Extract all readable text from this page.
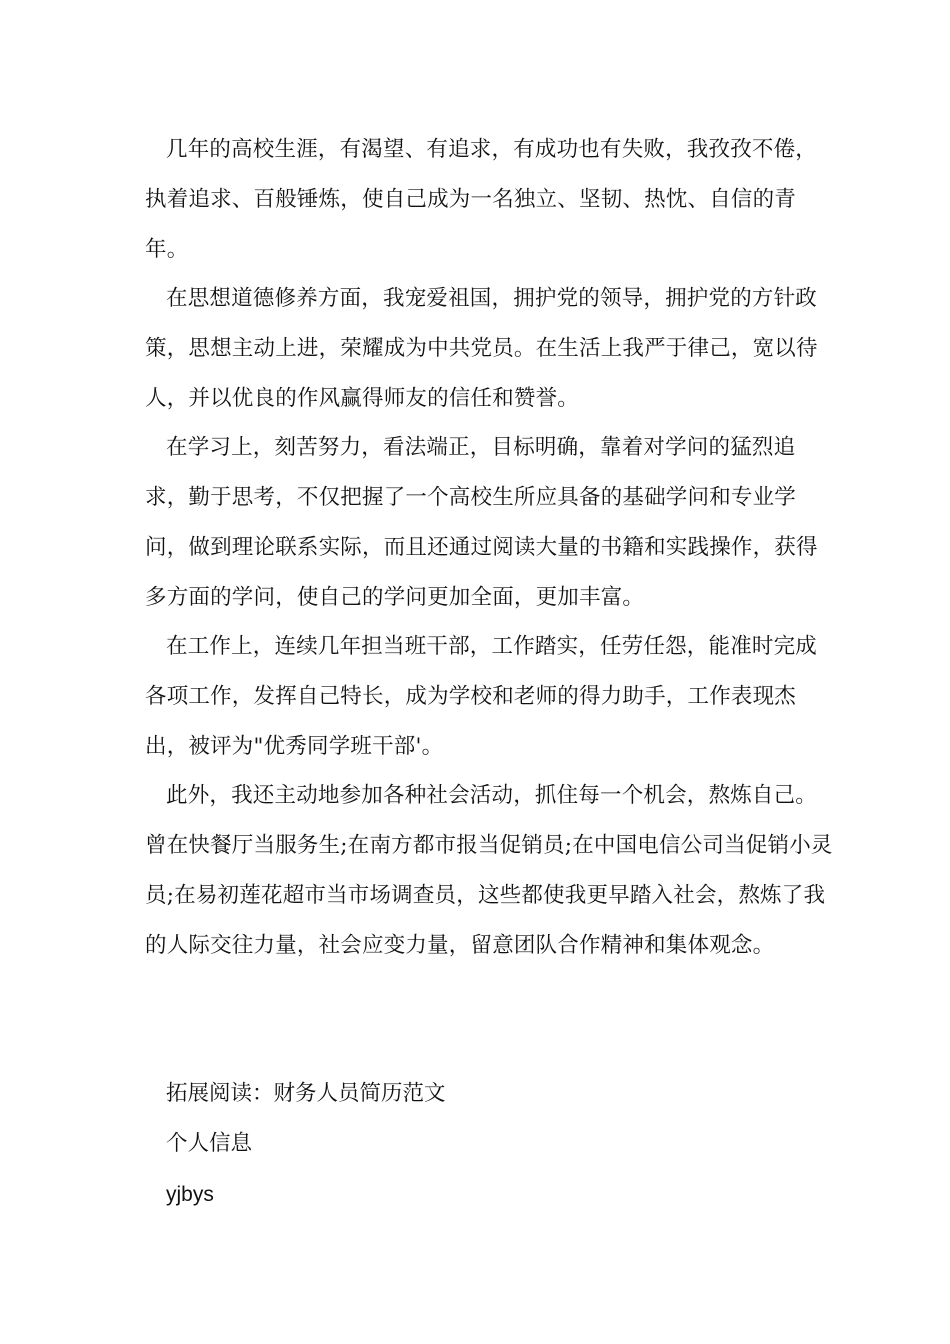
几年的高校生涯，有渴望、有追求，有成功也有失败，我孜孜不倦，执着追求、百般锤炼，使自己成为一名独立、坚韧、热忱、自信的青年。

在思想道德修养方面，我宠爱祖国，拥护党的领导，拥护党的方针政策，思想主动上进，荣耀成为中共党员。在生活上我严于律己，宽以待人，并以优良的作风赢得师友的信任和赞誉。

在学习上，刻苦努力，看法端正，目标明确，靠着对学问的猛烈追求，勤于思考，不仅把握了一个高校生所应具备的基础学问和专业学问，做到理论联系实际，而且还通过阅读大量的书籍和实践操作，获得多方面的学问，使自己的学问更加全面，更加丰富。

在工作上，连续几年担当班干部，工作踏实，任劳任怨，能准时完成各项工作，发挥自己特长，成为学校和老师的得力助手，工作表现杰出，被评为"优秀同学班干部'。

此外，我还主动地参加各种社会活动，抓住每一个机会，熬炼自己。曾在快餐厅当服务生;在南方都市报当促销员;在中国电信公司当促销小灵员;在易初莲花超市当市场调查员，这些都使我更早踏入社会，熬炼了我的人际交往力量，社会应变力量，留意团队合作精神和集体观念。

拓展阅读：财务人员简历范文

个人信息

yjbys
